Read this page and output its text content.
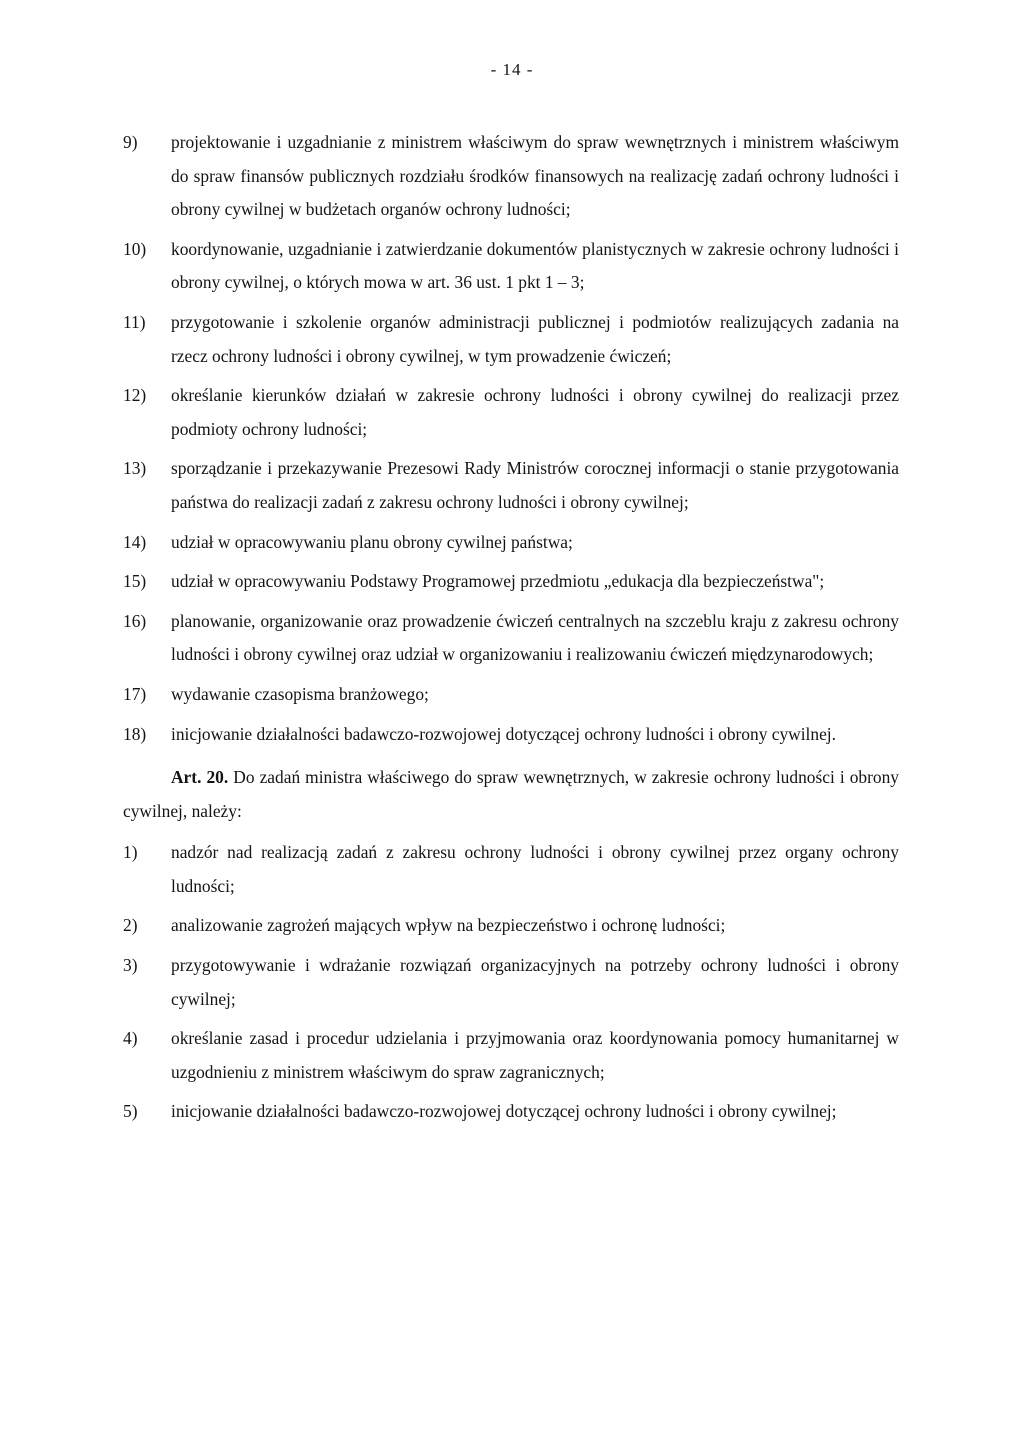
- 14 -
9) projektowanie i uzgadnianie z ministrem właściwym do spraw wewnętrznych i ministrem właściwym do spraw finansów publicznych rozdziału środków finansowych na realizację zadań ochrony ludności i obrony cywilnej w budżetach organów ochrony ludności;
10) koordynowanie, uzgadnianie i zatwierdzanie dokumentów planistycznych w zakresie ochrony ludności i obrony cywilnej, o których mowa w art. 36 ust. 1 pkt 1 – 3;
11) przygotowanie i szkolenie organów administracji publicznej i podmiotów realizujących zadania na rzecz ochrony ludności i obrony cywilnej, w tym prowadzenie ćwiczeń;
12) określanie kierunków działań w zakresie ochrony ludności i obrony cywilnej do realizacji przez podmioty ochrony ludności;
13) sporządzanie i przekazywanie Prezesowi Rady Ministrów corocznej informacji o stanie przygotowania państwa do realizacji zadań z zakresu ochrony ludności i obrony cywilnej;
14) udział w opracowywaniu planu obrony cywilnej państwa;
15) udział w opracowywaniu Podstawy Programowej przedmiotu „edukacja dla bezpieczeństwa";
16) planowanie, organizowanie oraz prowadzenie ćwiczeń centralnych na szczeblu kraju z zakresu ochrony ludności i obrony cywilnej oraz udział w organizowaniu i realizowaniu ćwiczeń międzynarodowych;
17) wydawanie czasopisma branżowego;
18) inicjowanie działalności badawczo-rozwojowej dotyczącej ochrony ludności i obrony cywilnej.

Art. 20. Do zadań ministra właściwego do spraw wewnętrznych, w zakresie ochrony ludności i obrony cywilnej, należy:

1) nadzór nad realizacją zadań z zakresu ochrony ludności i obrony cywilnej przez organy ochrony ludności;
2) analizowanie zagrożeń mających wpływ na bezpieczeństwo i ochronę ludności;
3) przygotowywanie i wdrażanie rozwiązań organizacyjnych na potrzeby ochrony ludności i obrony cywilnej;
4) określanie zasad i procedur udzielania i przyjmowania oraz koordynowania pomocy humanitarnej w uzgodnieniu z ministrem właściwym do spraw zagranicznych;
5) inicjowanie działalności badawczo-rozwojowej dotyczącej ochrony ludności i obrony cywilnej;
